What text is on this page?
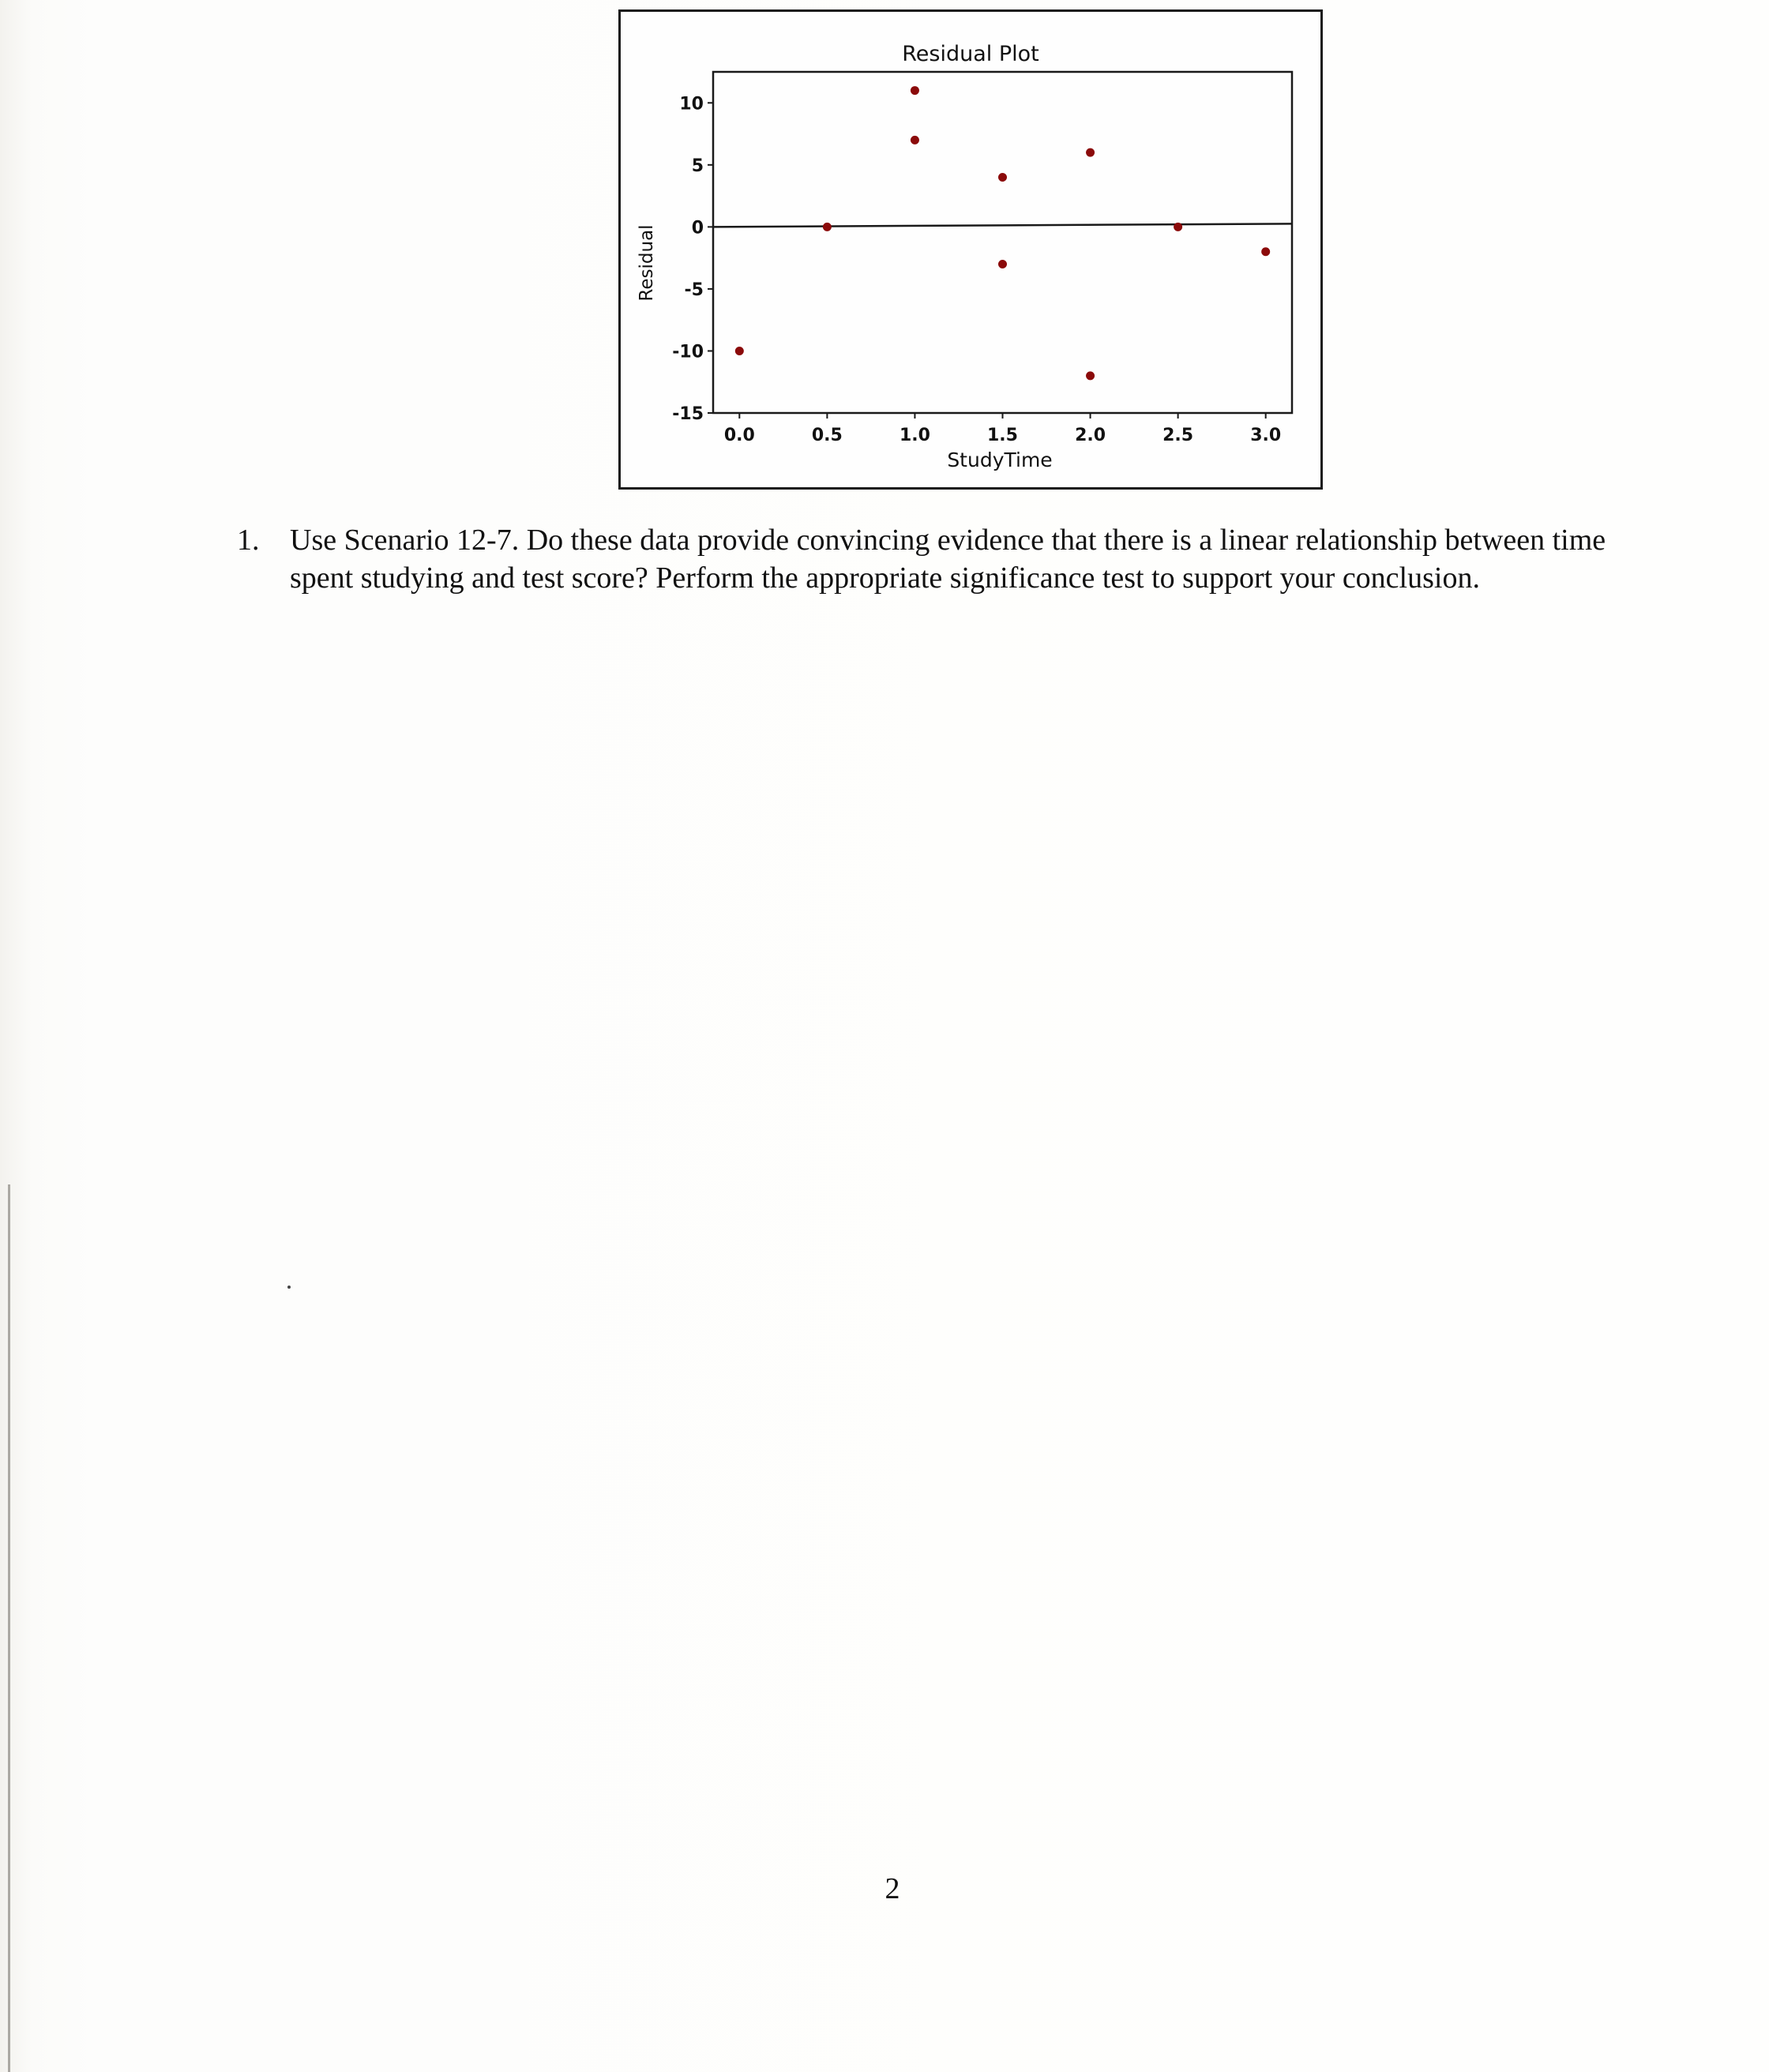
Residual Plot
10
5
0
-5
-10
-15
0.0	0.5	1.0	1.5	2.0	2.5	3.0
StudyTime
Residual
1.	Use Scenario 12-7. Do these data provide convincing evidence that there is a linear relationship between time spent studying and test score? Perform the appropriate significance test to support your conclusion.
2
